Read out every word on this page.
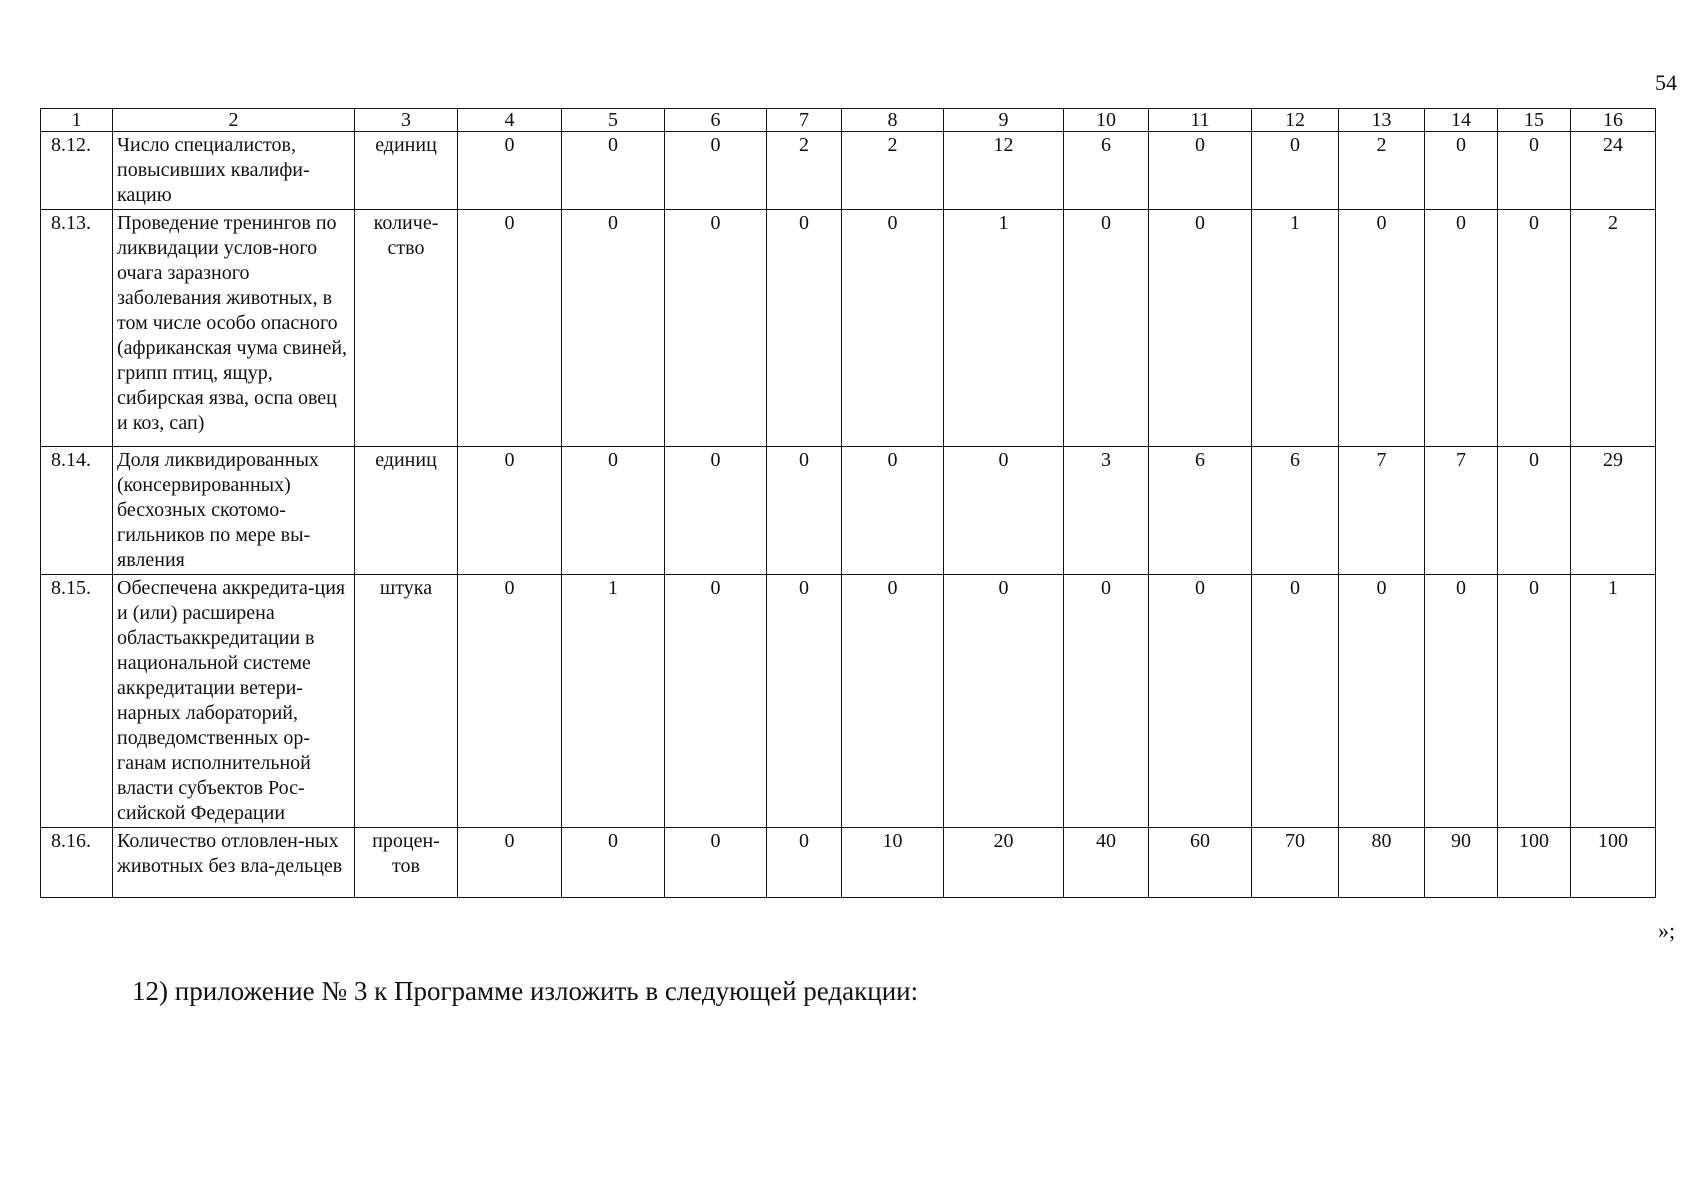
54
1	2	3	4	5	6	7	8	9	10	11	12	13	14	15	16
8.12.	Число специалистов, повысивших квалифи-кацию	единиц	0	0	0	2	2	12	6	0	0	2	0	0	24
8.13.	Проведение тренингов по ликвидации услов-ного очага заразного заболевания животных, в том числе особо опасного (африканская чума свиней, грипп птиц, ящур, сибирская язва, оспа овец и коз, сап)	количе-ство	0	0	0	0	0	1	0	0	1	0	0	0	2
8.14.	Доля ликвидированных (консервированных) бесхозных скотомо-гильников по мере вы-явления	единиц	0	0	0	0	0	0	3	6	6	7	7	0	29
8.15.	Обеспечена аккредита-ция и (или) расширена областьаккредитации в национальной системе аккредитации ветери-нарных лабораторий, подведомственных ор-ганам исполнительной власти субъектов Рос-сийской Федерации	штука	0	1	0	0	0	0	0	0	0	0	0	0	1
8.16.	Количество отловлен-ных животных без вла-дельцев	процен-тов	0	0	0	0	10	20	40	60	70	80	90	100	100
»;
12) приложение № 3 к Программе изложить в следующей редакции:
